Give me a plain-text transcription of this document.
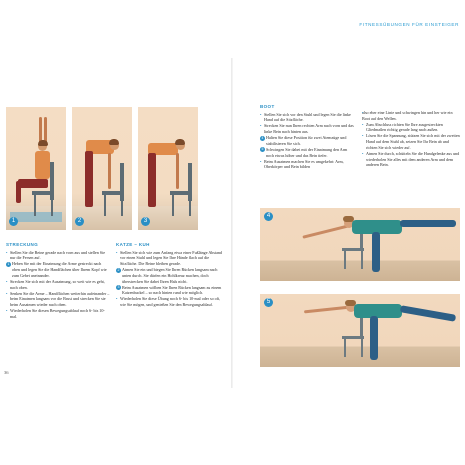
FITNESSÜBUNGEN FÜR EINSTEIGER
1	2	3
STRECKUNG
• Stellen Sie die Beine gerade nach vorn aus und stellen Sie nur die Fersen auf.
1 Heben Sie mit der Einatmung die Arme gestreckt nach oben und legen Sie die Handflächen über Ihrem Kopf wie zum Gebet aneinander.
• Strecken Sie sich mit der Ausatmung, so weit wie es geht, nach oben.
• Senken Sie die Arme – Handflächen weiterhin aufeinander – beim Einatmen langsam vor die Brust und strecken Sie sie beim Ausatmen wieder nach oben.
• Wiederholen Sie diesen Bewegungsablauf noch 6- bis 10-mal.
KATZE – KUH
• Stellen Sie sich wie zum Anfang etwa einer Fußlänge Abstand vor einen Stuhl und legen Sie Ihre Hände flach auf die Sitzfläche. Die Beine bleiben gerade.
2 Atmen Sie ein und biegen Sie Ihren Rücken langsam nach unten durch. Sie dürfen ein Hohlkreuz machen, doch überstrecken Sie dabei Ihren Hals nicht.
3 Beim Ausatmen wölben Sie Ihren Rücken langsam zu einem Katzenbuckel – so nach hinten rund wie möglich.
• Wiederholen Sie diese Übung noch 6- bis 10-mal oder so oft, wie Sie mögen, und genießen Sie den Bewegungsablauf.
36
BOOT
• Stellen Sie sich vor den Stuhl und legen Sie die linke Hand auf die Sitzfläche.
• Strecken Sie nun Ihren rechten Arm nach vorn und das linke Bein nach hinten aus.
4 Halten Sie diese Position für zwei Atemzüge und stabilisieren Sie sich.
5 Schwingen Sie dabei mit der Einatmung den Arm noch etwas höher und das Bein tiefer.
• Beim Ausatmen machen Sie es umgekehrt: Arm, Oberkörper und Bein bilden
• also eher eine Linie und schwingen hin und her wie ein Boot auf den Wellen.
• Zum Abschluss richten Sie Ihre ausgestreckten Gliedmaßen richtig gerade lang nach außen.
• Lösen Sie die Spannung, stützen Sie sich mit der zweiten Hand auf dem Stuhl ab, setzen Sie Ihr Bein ab und richten Sie sich wieder auf.
• Atmen Sie durch, schütteln Sie die Handgelenke aus und wiederholen Sie alles mit dem anderen Arm und dem anderen Bein.
4
5
